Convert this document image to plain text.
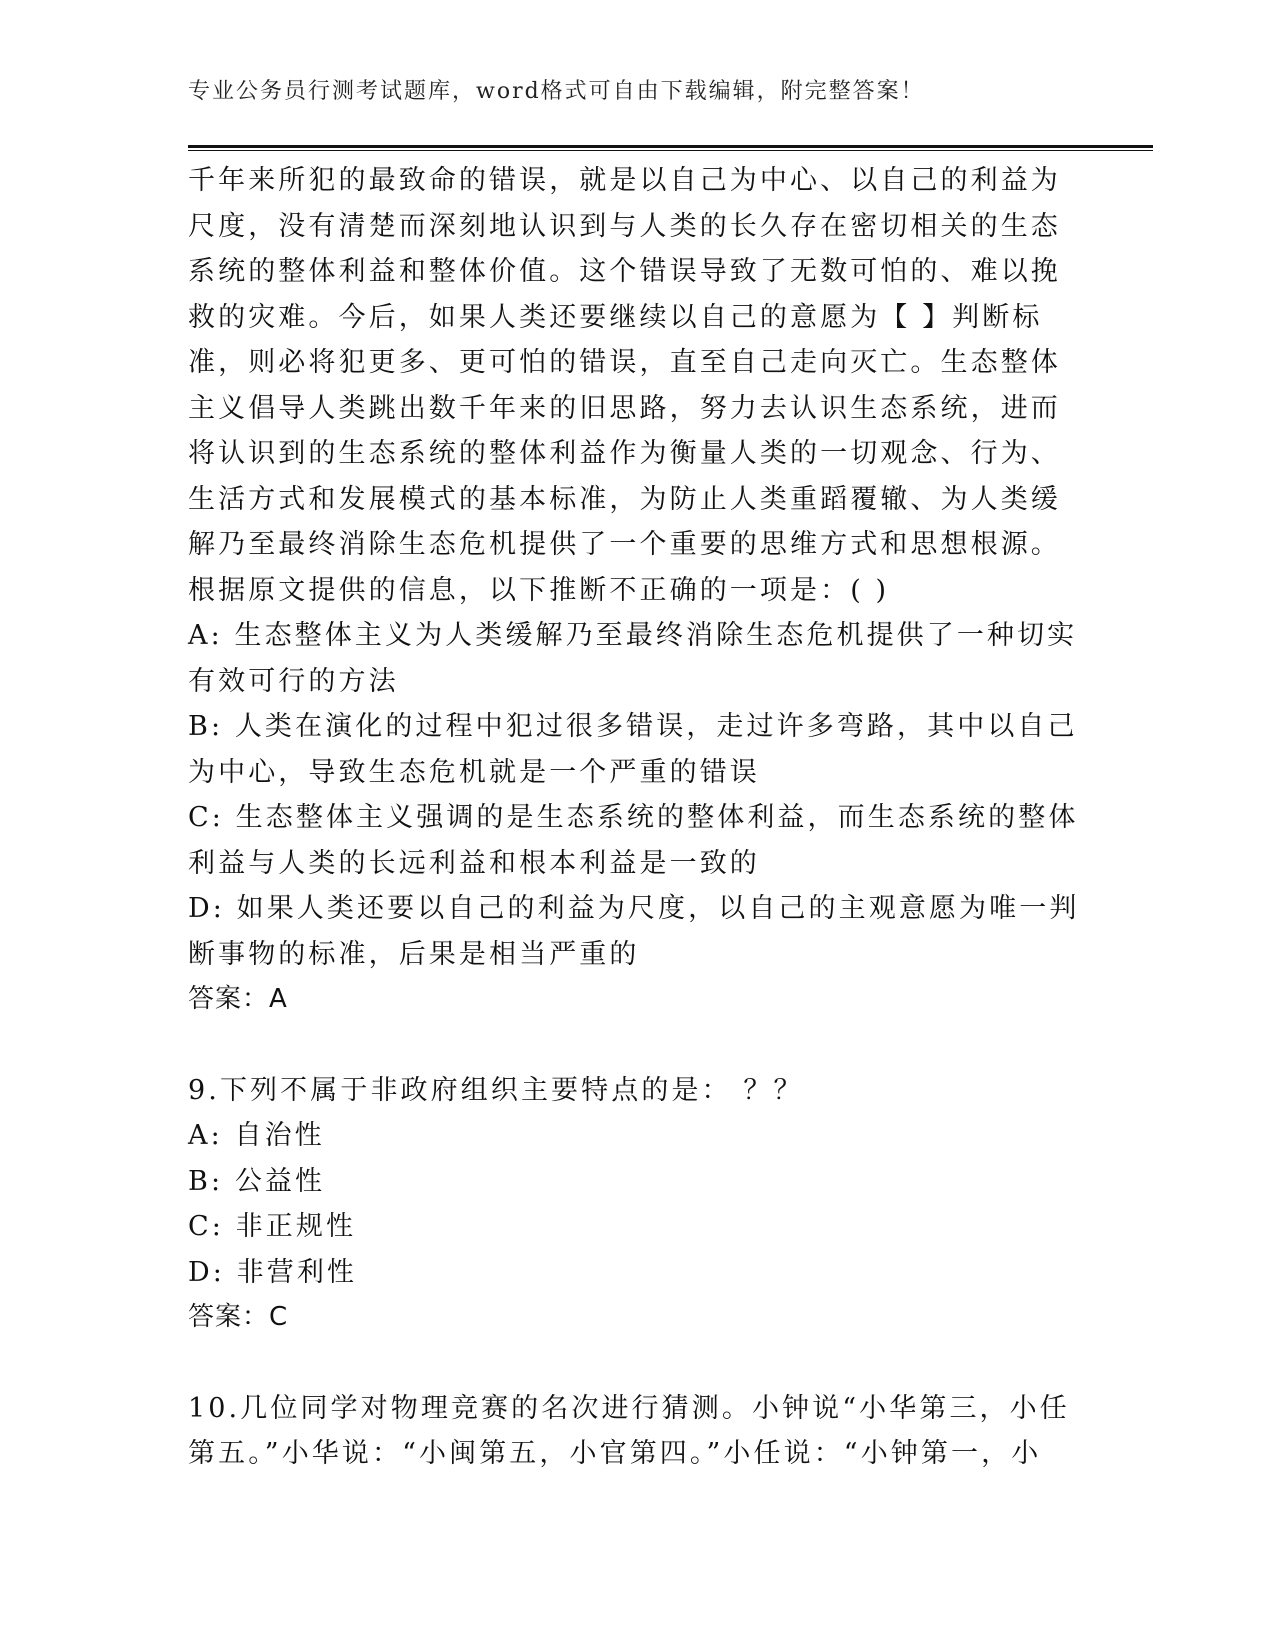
专业公务员行测考试题库，word格式可自由下载编辑，附完整答案！

千年来所犯的最致命的错误，就是以自己为中心、以自己的利益为尺度，没有清楚而深刻地认识到与人类的长久存在密切相关的生态系统的整体利益和整体价值。这个错误导致了无数可怕的、难以挽救的灾难。今后，如果人类还要继续以自己的意愿为【 】判断标准，则必将犯更多、更可怕的错误，直至自己走向灭亡。生态整体主义倡导人类跳出数千年来的旧思路，努力去认识生态系统，进而将认识到的生态系统的整体利益作为衡量人类的一切观念、行为、生活方式和发展模式的基本标准，为防止人类重蹈覆辙、为人类缓解乃至最终消除生态危机提供了一个重要的思维方式和思想根源。根据原文提供的信息，以下推断不正确的一项是：( )

A: 生态整体主义为人类缓解乃至最终消除生态危机提供了一种切实有效可行的方法

B: 人类在演化的过程中犯过很多错误，走过许多弯路，其中以自己为中心，导致生态危机就是一个严重的错误

C: 生态整体主义强调的是生态系统的整体利益，而生态系统的整体利益与人类的长远利益和根本利益是一致的

D: 如果人类还要以自己的利益为尺度，以自己的主观意愿为唯一判断事物的标准，后果是相当严重的

答案：A

9.下列不属于非政府组织主要特点的是： ？？

A: 自治性

B: 公益性

C: 非正规性

D: 非营利性

答案：C

10.几位同学对物理竞赛的名次进行猜测。小钟说“小华第三，小任第五。”小华说：“小闽第五，小官第四。”小任说：“小钟第一，小
